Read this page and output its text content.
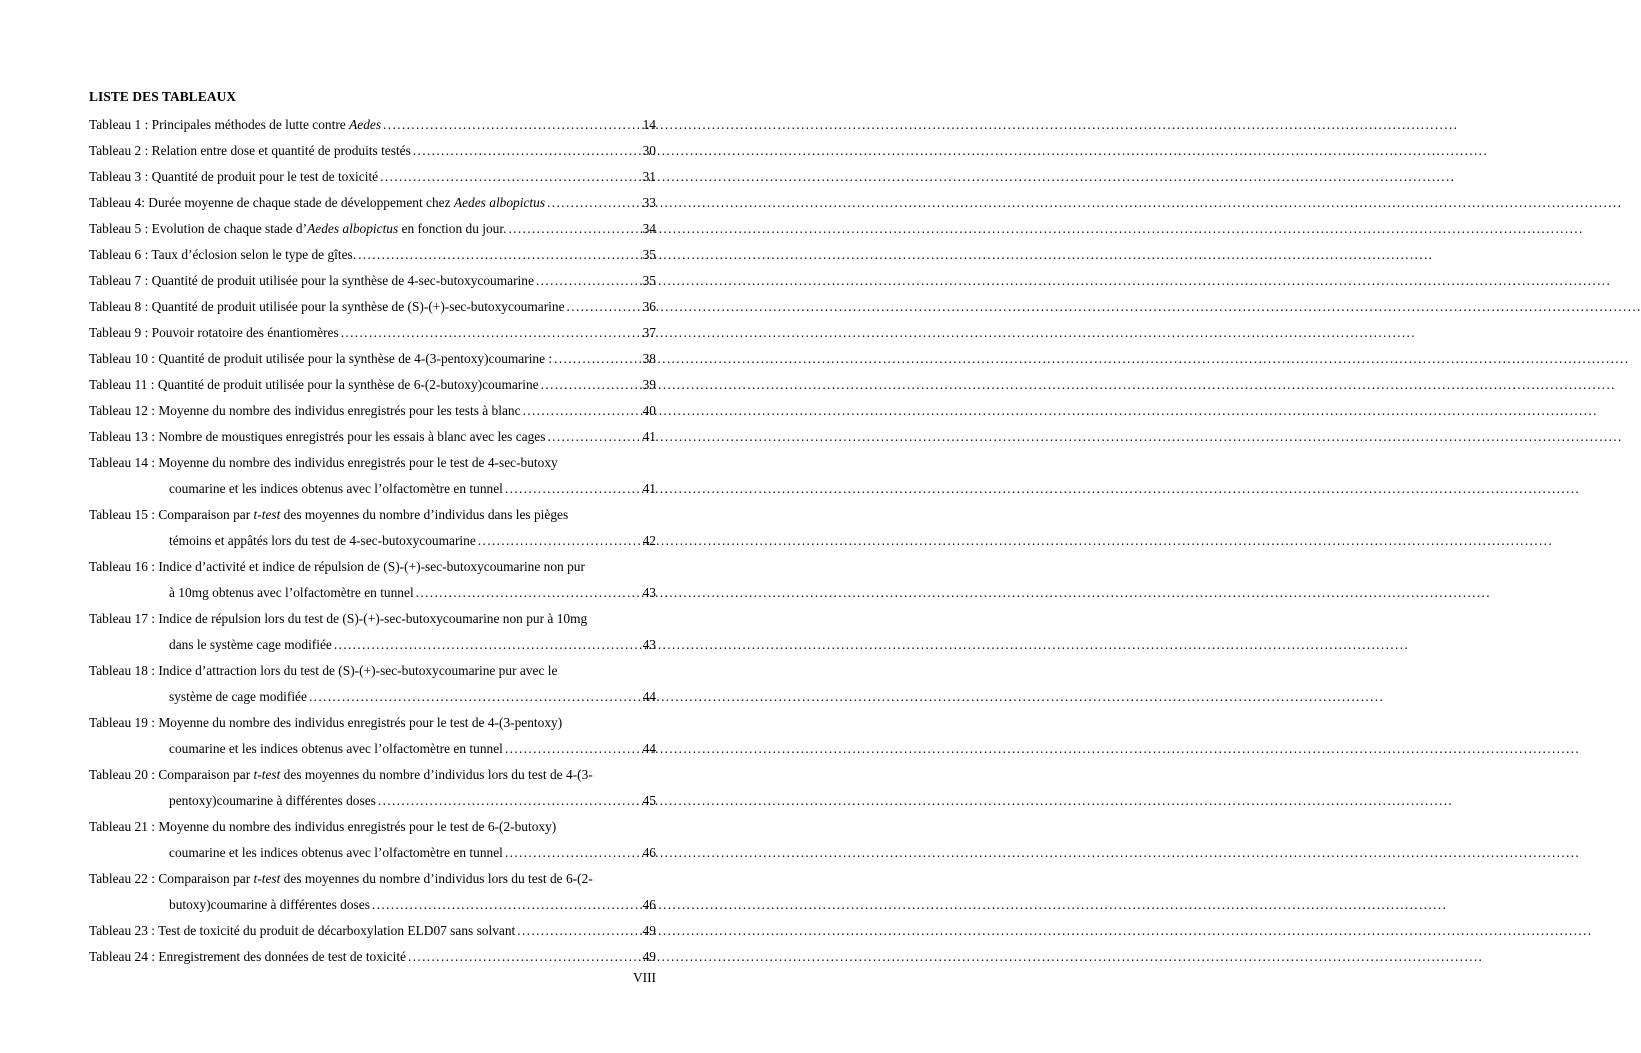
LISTE DES TABLEAUX
Tableau 1 : Principales méthodes de lutte contre Aedes . . .	14
Tableau 2 : Relation entre dose et quantité de produits testés . . .	30
Tableau 3 : Quantité de produit pour le test de toxicité . . .	31
Tableau 4: Durée moyenne de chaque stade de développement chez Aedes albopictus . . .	33
Tableau 5 : Evolution de chaque stade d’Aedes albopictus en fonction du jour. . . .	34
Tableau 6 : Taux d’éclosion selon le type de gîtes. . . .	35
Tableau 7 : Quantité de produit utilisée pour la synthèse de 4-sec-butoxycoumarine . . .	35
Tableau 8 : Quantité de produit utilisée pour la synthèse de (S)-(+)-sec-butoxycoumarine . . .	36
Tableau 9 : Pouvoir rotatoire des énantiomères . . .	37
Tableau 10 : Quantité de produit utilisée pour la synthèse de 4-(3-pentoxy)coumarine : . . .	38
Tableau 11 : Quantité de produit utilisée pour la synthèse de 6-(2-butoxy)coumarine . . .	39
Tableau 12 : Moyenne du nombre des individus enregistrés pour les tests à blanc . . .	40
Tableau 13 : Nombre de moustiques enregistrés pour les essais à blanc avec les cages . . .	41
Tableau 14 : Moyenne du nombre des individus enregistrés pour le test de 4-sec-butoxy
coumarine et les indices obtenus avec l’olfactomètre en tunnel . . .	41
Tableau 15 : Comparaison par t-test des moyennes du nombre d’individus dans les pièges
témoins et appâtés lors du test de 4-sec-butoxycoumarine . . .	42
Tableau 16 : Indice d’activité et indice de répulsion de (S)-(+)-sec-butoxycoumarine non pur
à 10mg obtenus avec l’olfactomètre en tunnel . . .	43
Tableau 17 : Indice de répulsion lors du test de (S)-(+)-sec-butoxycoumarine non pur à 10mg
dans le système cage modifiée . . .	43
Tableau 18 : Indice d’attraction lors du test de (S)-(+)-sec-butoxycoumarine pur avec le
système de cage modifiée . . .	44
Tableau 19 : Moyenne du nombre des individus enregistrés pour le test de 4-(3-pentoxy)
coumarine et les indices obtenus avec l’olfactomètre en tunnel . . .	44
Tableau 20 : Comparaison par t-test des moyennes du nombre d’individus lors du test de 4-(3-
pentoxy)coumarine à différentes doses . . .	45
Tableau 21 : Moyenne du nombre des individus enregistrés pour le test de 6-(2-butoxy)
coumarine et les indices obtenus avec l’olfactomètre en tunnel . . .	46
Tableau 22 : Comparaison par t-test des moyennes du nombre d’individus lors du test de 6-(2-
butoxy)coumarine à différentes doses . . .	46
Tableau 23 : Test de toxicité du produit de décarboxylation ELD07 sans solvant . . .	49
Tableau 24 : Enregistrement des données de test de toxicité . . .	49
VIII
